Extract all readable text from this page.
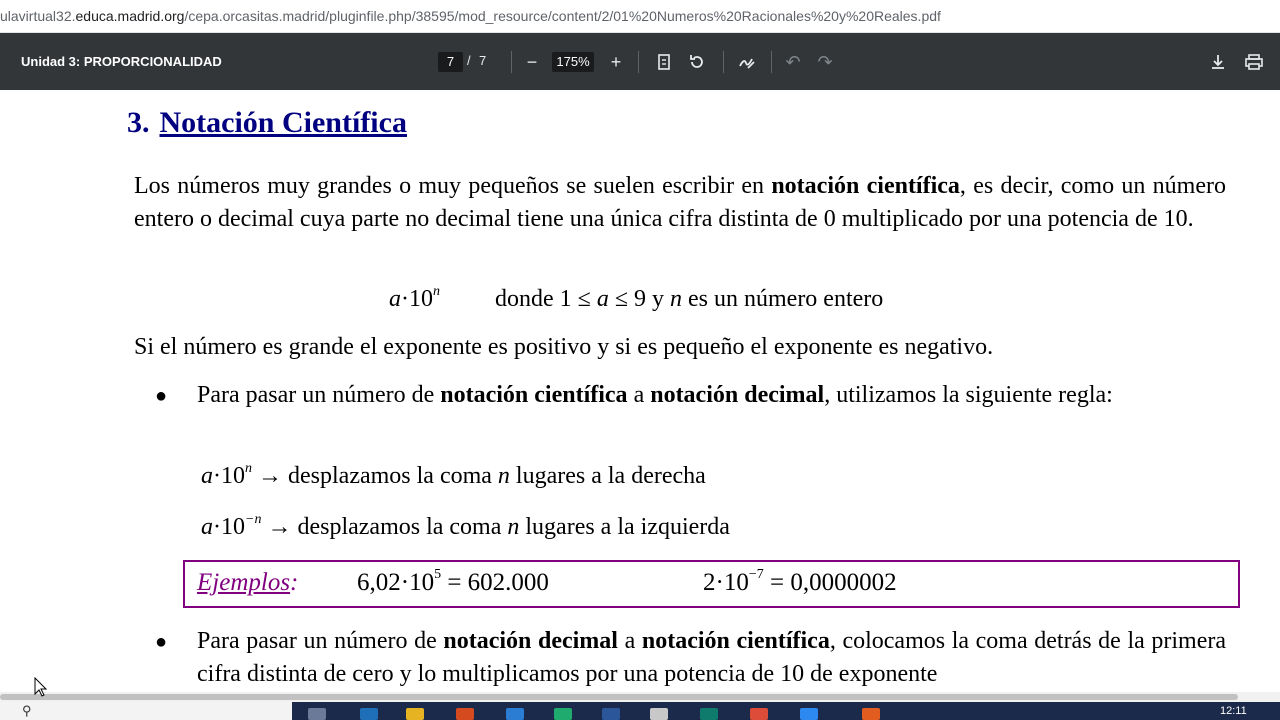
ulavirtual32.educa.madrid.org/cepa.orcasitas.madrid/pluginfile.php/38595/mod_resource/content/2/01%20Numeros%20Racionales%20y%20Reales.pdf
Unidad 3: PROPORCIONALIDAD	7 / 7	−	175%	+	↶ ↷
3. Notación Científica
Los números muy grandes o muy pequeños se suelen escribir en notación científica, es decir, como un número entero o decimal cuya parte no decimal tiene una única cifra distinta de 0 multiplicado por una potencia de 10.
$a\cdot 10^n$ donde 1 ≤ a ≤ 9 y n es un número entero
Si el número es grande el exponente es positivo y si es pequeño el exponente es negativo.
● Para pasar un número de notación científica a notación decimal, utilizamos la siguiente regla:
$a\cdot 10^n$ → desplazamos la coma n lugares a la derecha
$a\cdot 10^{-n}$ → desplazamos la coma n lugares a la izquierda
Ejemplos: $6,02\cdot 10^5 = 602.000$	$2\cdot 10^{-7} = 0,0000002$
● Para pasar un número de notación decimal a notación científica, colocamos la coma detrás de la primera cifra distinta de cero y lo multiplicamos por una potencia de 10 de exponente
⚲	12:11
